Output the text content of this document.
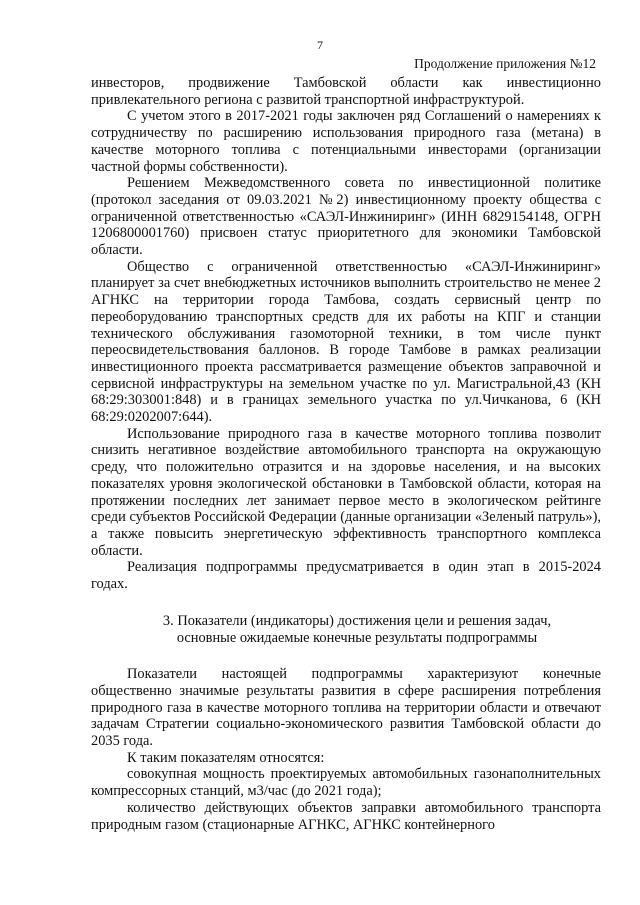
7
Продолжение приложения №12

инвесторов, продвижение Тамбовской области как инвестиционно привлекательного региона с развитой транспортной инфраструктурой.

С учетом этого в 2017-2021 годы заключен ряд Соглашений о намерениях к сотрудничеству по расширению использования природного газа (метана) в качестве моторного топлива с потенциальными инвесторами (организации частной формы собственности).

Решением Межведомственного совета по инвестиционной политике (протокол заседания от 09.03.2021 №2) инвестиционному проекту общества с ограниченной ответственностью «САЭЛ-Инжиниринг» (ИНН 6829154148, ОГРН 1206800001760) присвоен статус приоритетного для экономики Тамбовской области.

Общество с ограниченной ответственностью «САЭЛ-Инжиниринг» планирует за счет внебюджетных источников выполнить строительство не менее 2 АГНКС на территории города Тамбова, создать сервисный центр по переоборудованию транспортных средств для их работы на КПГ и станции технического обслуживания газомоторной техники, в том числе пункт переосвидетельствования баллонов. В городе Тамбове в рамках реализации инвестиционного проекта рассматривается размещение объектов заправочной и сервисной инфраструктуры на земельном участке по ул. Магистральной,43 (КН 68:29:303001:848) и в границах земельного участка по ул.Чичканова, 6 (КН 68:29:0202007:644).

Использование природного газа в качестве моторного топлива позволит снизить негативное воздействие автомобильного транспорта на окружающую среду, что положительно отразится и на здоровье населения, и на высоких показателях уровня экологической обстановки в Тамбовской области, которая на протяжении последних лет занимает первое место в экологическом рейтинге среди субъектов Российской Федерации (данные организации «Зеленый патруль»), а также повысить энергетическую эффективность транспортного комплекса области.

Реализация подпрограммы предусматривается в один этап в 2015-2024 годах.

3. Показатели (индикаторы) достижения цели и решения задач,
основные ожидаемые конечные результаты подпрограммы

Показатели настоящей подпрограммы характеризуют конечные общественно значимые результаты развития в сфере расширения потребления природного газа в качестве моторного топлива на территории области и отвечают задачам Стратегии социально-экономического развития Тамбовской области до 2035 года.

К таким показателям относятся:

совокупная мощность проектируемых автомобильных газонаполнительных компрессорных станций, м3/час (до 2021 года);

количество действующих объектов заправки автомобильного транспорта природным газом (стационарные АГНКС, АГНКС контейнерного
